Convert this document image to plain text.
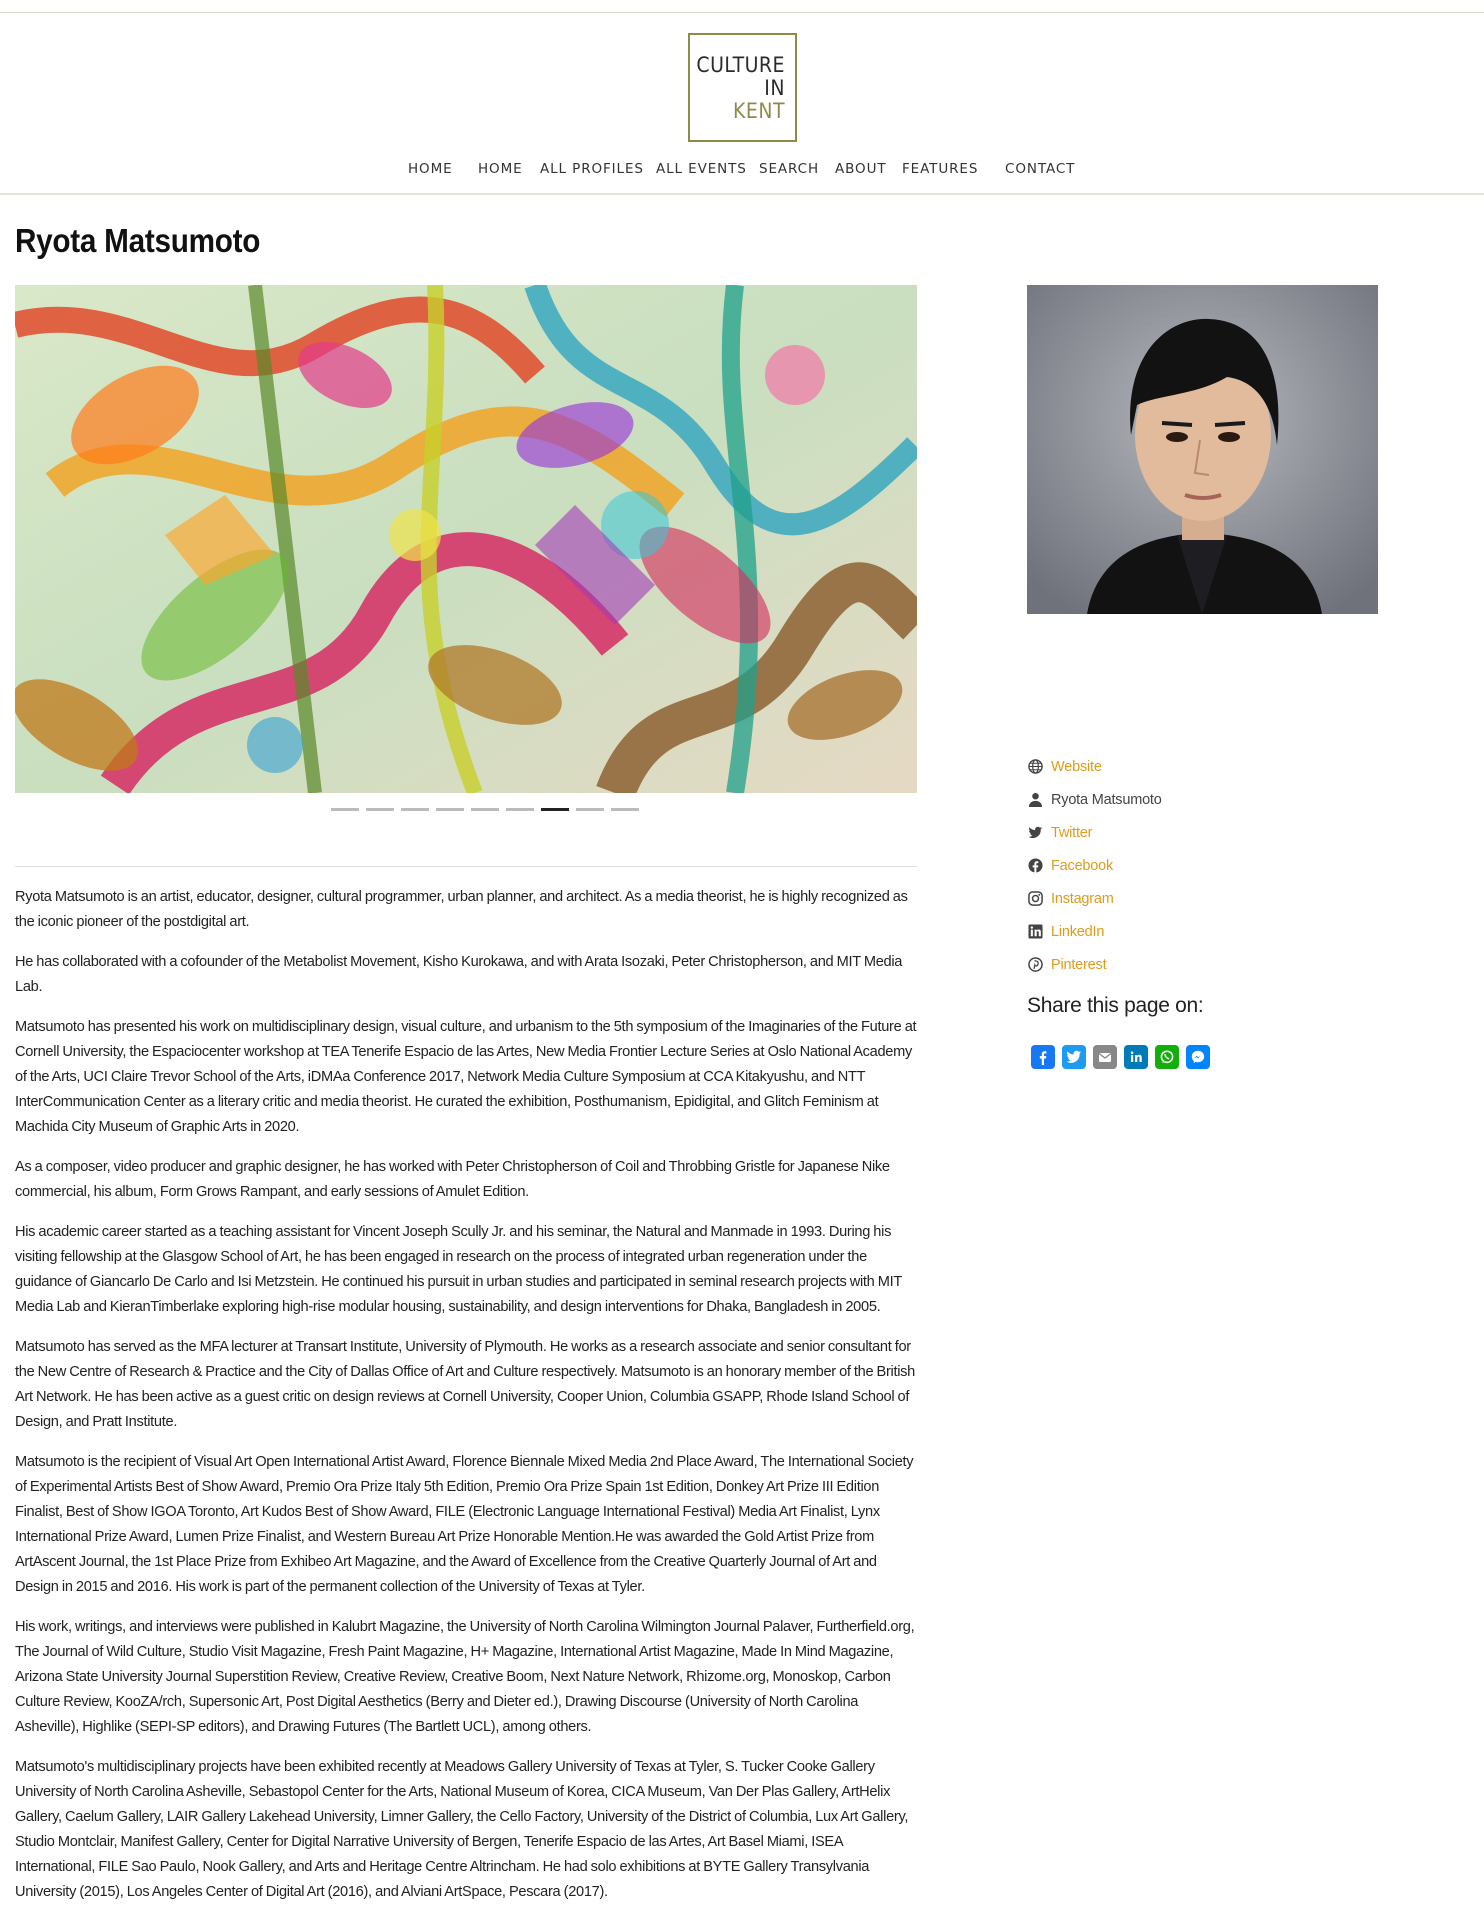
CULTURE
IN
KENT
HOME HOME ALL PROFILES ALL EVENTS SEARCH ABOUT FEATURES CONTACT
Ryota Matsumoto

Ryota Matsumoto is an artist, educator, designer, cultural programmer, urban planner, and architect. As a media theorist, he is highly recognized as the iconic pioneer of the postdigital art.

He has collaborated with a cofounder of the Metabolist Movement, Kisho Kurokawa, and with Arata Isozaki, Peter Christopherson, and MIT Media Lab.

Matsumoto has presented his work on multidisciplinary design, visual culture, and urbanism to the 5th symposium of the Imaginaries of the Future at Cornell University, the Espaciocenter workshop at TEA Tenerife Espacio de las Artes, New Media Frontier Lecture Series at Oslo National Academy of the Arts, UCI Claire Trevor School of the Arts, iDMAa Conference 2017, Network Media Culture Symposium at CCA Kitakyushu, and NTT InterCommunication Center as a literary critic and media theorist. He curated the exhibition, Posthumanism, Epidigital, and Glitch Feminism at Machida City Museum of Graphic Arts in 2020.

As a composer, video producer and graphic designer, he has worked with Peter Christopherson of Coil and Throbbing Gristle for Japanese Nike commercial, his album, Form Grows Rampant, and early sessions of Amulet Edition.

His academic career started as a teaching assistant for Vincent Joseph Scully Jr. and his seminar, the Natural and Manmade in 1993. During his visiting fellowship at the Glasgow School of Art, he has been engaged in research on the process of integrated urban regeneration under the guidance of Giancarlo De Carlo and Isi Metzstein. He continued his pursuit in urban studies and participated in seminal research projects with MIT Media Lab and KieranTimberlake exploring high-rise modular housing, sustainability, and design interventions for Dhaka, Bangladesh in 2005.

Matsumoto has served as the MFA lecturer at Transart Institute, University of Plymouth. He works as a research associate and senior consultant for the New Centre of Research & Practice and the City of Dallas Office of Art and Culture respectively. Matsumoto is an honorary member of the British Art Network. He has been active as a guest critic on design reviews at Cornell University, Cooper Union, Columbia GSAPP, Rhode Island School of Design, and Pratt Institute.

Matsumoto is the recipient of Visual Art Open International Artist Award, Florence Biennale Mixed Media 2nd Place Award, The International Society of Experimental Artists Best of Show Award, Premio Ora Prize Italy 5th Edition, Premio Ora Prize Spain 1st Edition, Donkey Art Prize III Edition Finalist, Best of Show IGOA Toronto, Art Kudos Best of Show Award, FILE (Electronic Language International Festival) Media Art Finalist, Lynx International Prize Award, Lumen Prize Finalist, and Western Bureau Art Prize Honorable Mention.He was awarded the Gold Artist Prize from ArtAscent Journal, the 1st Place Prize from Exhibeo Art Magazine, and the Award of Excellence from the Creative Quarterly Journal of Art and Design in 2015 and 2016. His work is part of the permanent collection of the University of Texas at Tyler.

His work, writings, and interviews were published in Kalubrt Magazine, the University of North Carolina Wilmington Journal Palaver, Furtherfield.org, The Journal of Wild Culture, Studio Visit Magazine, Fresh Paint Magazine, H+ Magazine, International Artist Magazine, Made In Mind Magazine, Arizona State University Journal Superstition Review, Creative Review, Creative Boom, Next Nature Network, Rhizome.org, Monoskop, Carbon Culture Review, KooZA/rch, Supersonic Art, Post Digital Aesthetics (Berry and Dieter ed.), Drawing Discourse (University of North Carolina Asheville), Highlike (SEPI-SP editors), and Drawing Futures (The Bartlett UCL), among others.

Matsumoto's multidisciplinary projects have been exhibited recently at Meadows Gallery University of Texas at Tyler, S. Tucker Cooke Gallery University of North Carolina Asheville, Sebastopol Center for the Arts, National Museum of Korea, CICA Museum, Van Der Plas Gallery, ArtHelix Gallery, Caelum Gallery, LAIR Gallery Lakehead University, Limner Gallery, the Cello Factory, University of the District of Columbia, Lux Art Gallery, Studio Montclair, Manifest Gallery, Center for Digital Narrative University of Bergen, Tenerife Espacio de las Artes, Art Basel Miami, ISEA International, FILE Sao Paulo, Nook Gallery, and Arts and Heritage Centre Altrincham. He had solo exhibitions at BYTE Gallery Transylvania University (2015), Los Angeles Center of Digital Art (2016), and Alviani ArtSpace, Pescara (2017).

Website
Ryota Matsumoto
Twitter
Facebook
Instagram
LinkedIn
Pinterest
Share this page on:
